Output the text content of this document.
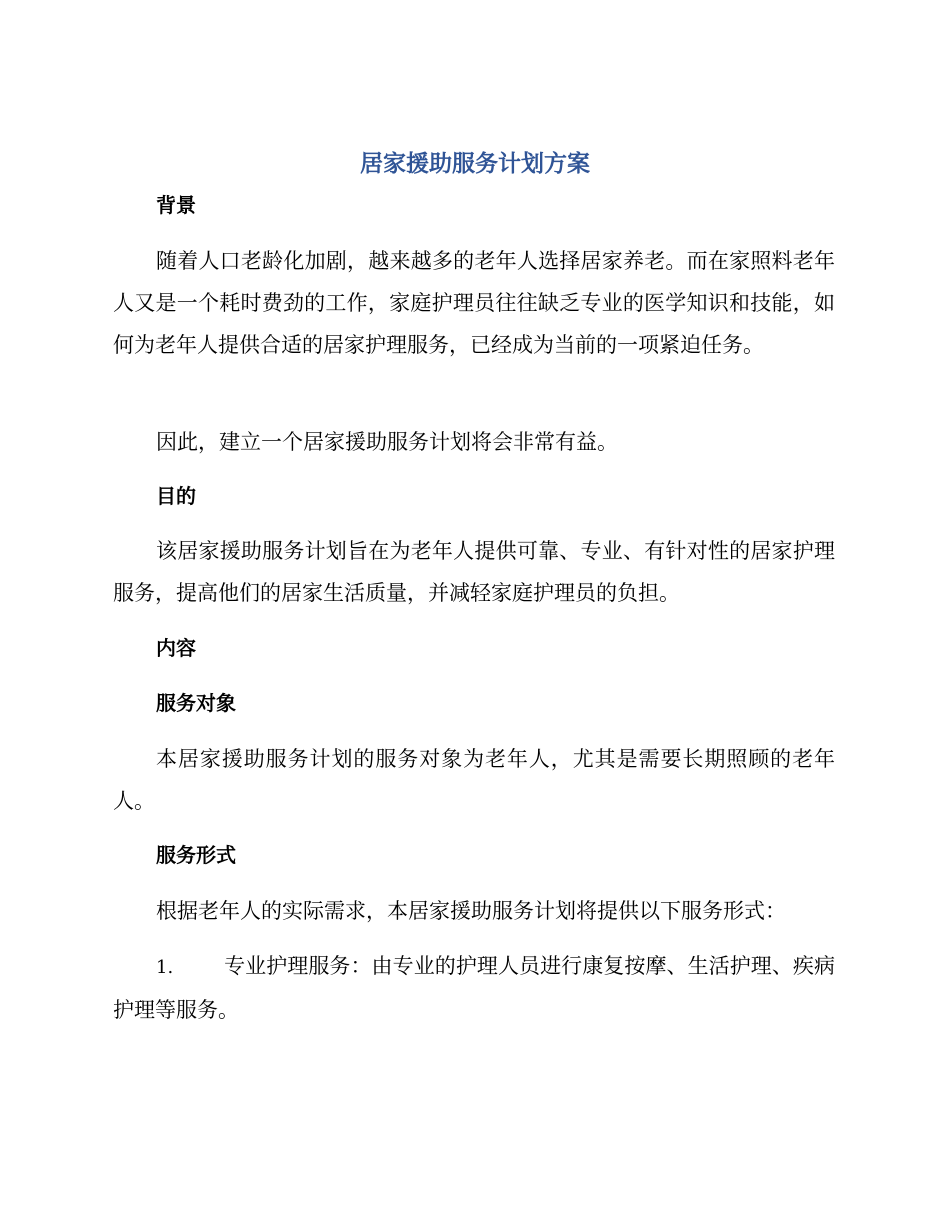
居家援助服务计划方案
背景
随着人口老龄化加剧，越来越多的老年人选择居家养老。而在家照料老年人又是一个耗时费劲的工作，家庭护理员往往缺乏专业的医学知识和技能，如何为老年人提供合适的居家护理服务，已经成为当前的一项紧迫任务。
因此，建立一个居家援助服务计划将会非常有益。
目的
该居家援助服务计划旨在为老年人提供可靠、专业、有针对性的居家护理服务，提高他们的居家生活质量，并减轻家庭护理员的负担。
内容
服务对象
本居家援助服务计划的服务对象为老年人，尤其是需要长期照顾的老年人。
服务形式
根据老年人的实际需求，本居家援助服务计划将提供以下服务形式：
1. 专业护理服务：由专业的护理人员进行康复按摩、生活护理、疾病护理等服务。
